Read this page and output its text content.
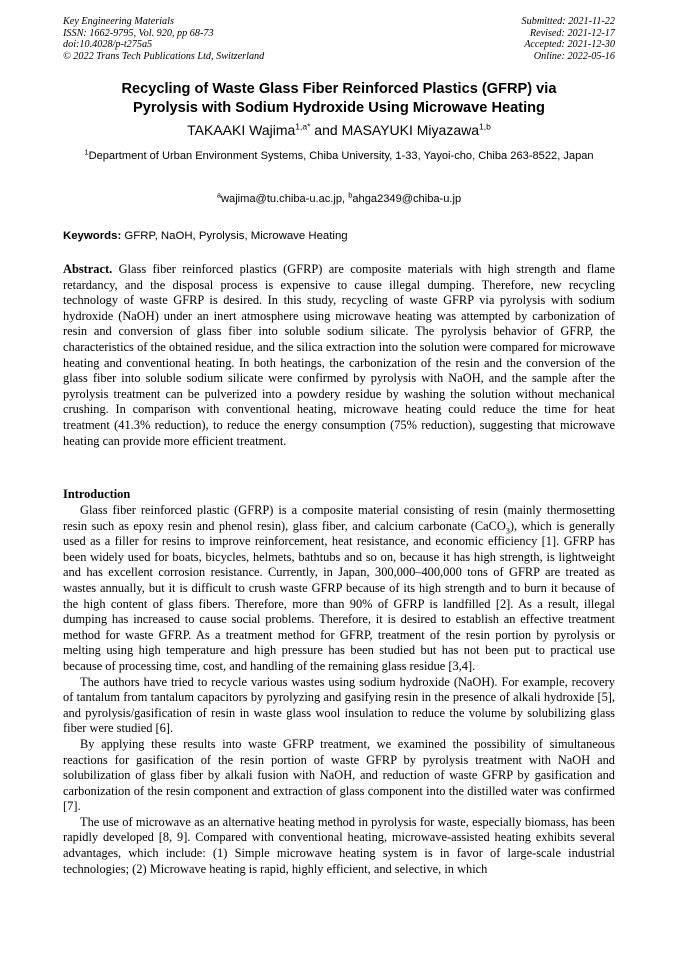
Key Engineering Materials
ISSN: 1662-9795, Vol. 920, pp 68-73
doi:10.4028/p-t275a5
© 2022 Trans Tech Publications Ltd, Switzerland
Submitted: 2021-11-22
Revised: 2021-12-17
Accepted: 2021-12-30
Online: 2022-05-16
Recycling of Waste Glass Fiber Reinforced Plastics (GFRP) via
Pyrolysis with Sodium Hydroxide Using Microwave Heating
TAKAAKI Wajima$^{1,a*}$ and MASAYUKI Miyazawa$^{1,b}$
$^1$Department of Urban Environment Systems, Chiba University, 1-33, Yayoi-cho, Chiba 263-8522, Japan
$^a$wajima@tu.chiba-u.ac.jp, $^b$ahga2349@chiba-u.jp
Keywords: GFRP, NaOH, Pyrolysis, Microwave Heating
Abstract. Glass fiber reinforced plastics (GFRP) are composite materials with high strength and flame retardancy, and the disposal process is expensive to cause illegal dumping. Therefore, new recycling technology of waste GFRP is desired. In this study, recycling of waste GFRP via pyrolysis with sodium hydroxide (NaOH) under an inert atmosphere using microwave heating was attempted by carbonization of resin and conversion of glass fiber into soluble sodium silicate. The pyrolysis behavior of GFRP, the characteristics of the obtained residue, and the silica extraction into the solution were compared for microwave heating and conventional heating. In both heatings, the carbonization of the resin and the conversion of the glass fiber into soluble sodium silicate were confirmed by pyrolysis with NaOH, and the sample after the pyrolysis treatment can be pulverized into a powdery residue by washing the solution without mechanical crushing. In comparison with conventional heating, microwave heating could reduce the time for heat treatment (41.3% reduction), to reduce the energy consumption (75% reduction), suggesting that microwave heating can provide more efficient treatment.
Introduction

Glass fiber reinforced plastic (GFRP) is a composite material consisting of resin (mainly thermosetting resin such as epoxy resin and phenol resin), glass fiber, and calcium carbonate (CaCO$_3$), which is generally used as a filler for resins to improve reinforcement, heat resistance, and economic efficiency [1]. GFRP has been widely used for boats, bicycles, helmets, bathtubs and so on, because it has high strength, is lightweight and has excellent corrosion resistance. Currently, in Japan, 300,000–400,000 tons of GFRP are treated as wastes annually, but it is difficult to crush waste GFRP because of its high strength and to burn it because of the high content of glass fibers. Therefore, more than 90% of GFRP is landfilled [2]. As a result, illegal dumping has increased to cause social problems. Therefore, it is desired to establish an effective treatment method for waste GFRP. As a treatment method for GFRP, treatment of the resin portion by pyrolysis or melting using high temperature and high pressure has been studied but has not been put to practical use because of processing time, cost, and handling of the remaining glass residue [3,4].

The authors have tried to recycle various wastes using sodium hydroxide (NaOH). For example, recovery of tantalum from tantalum capacitors by pyrolyzing and gasifying resin in the presence of alkali hydroxide [5], and pyrolysis/gasification of resin in waste glass wool insulation to reduce the volume by solubilizing glass fiber were studied [6].

By applying these results into waste GFRP treatment, we examined the possibility of simultaneous reactions for gasification of the resin portion of waste GFRP by pyrolysis treatment with NaOH and solubilization of glass fiber by alkali fusion with NaOH, and reduction of waste GFRP by gasification and carbonization of the resin component and extraction of glass component into the distilled water was confirmed [7].

The use of microwave as an alternative heating method in pyrolysis for waste, especially biomass, has been rapidly developed [8, 9]. Compared with conventional heating, microwave-assisted heating exhibits several advantages, which include: (1) Simple microwave heating system is in favor of large-scale industrial technologies; (2) Microwave heating is rapid, highly efficient, and selective, in which
